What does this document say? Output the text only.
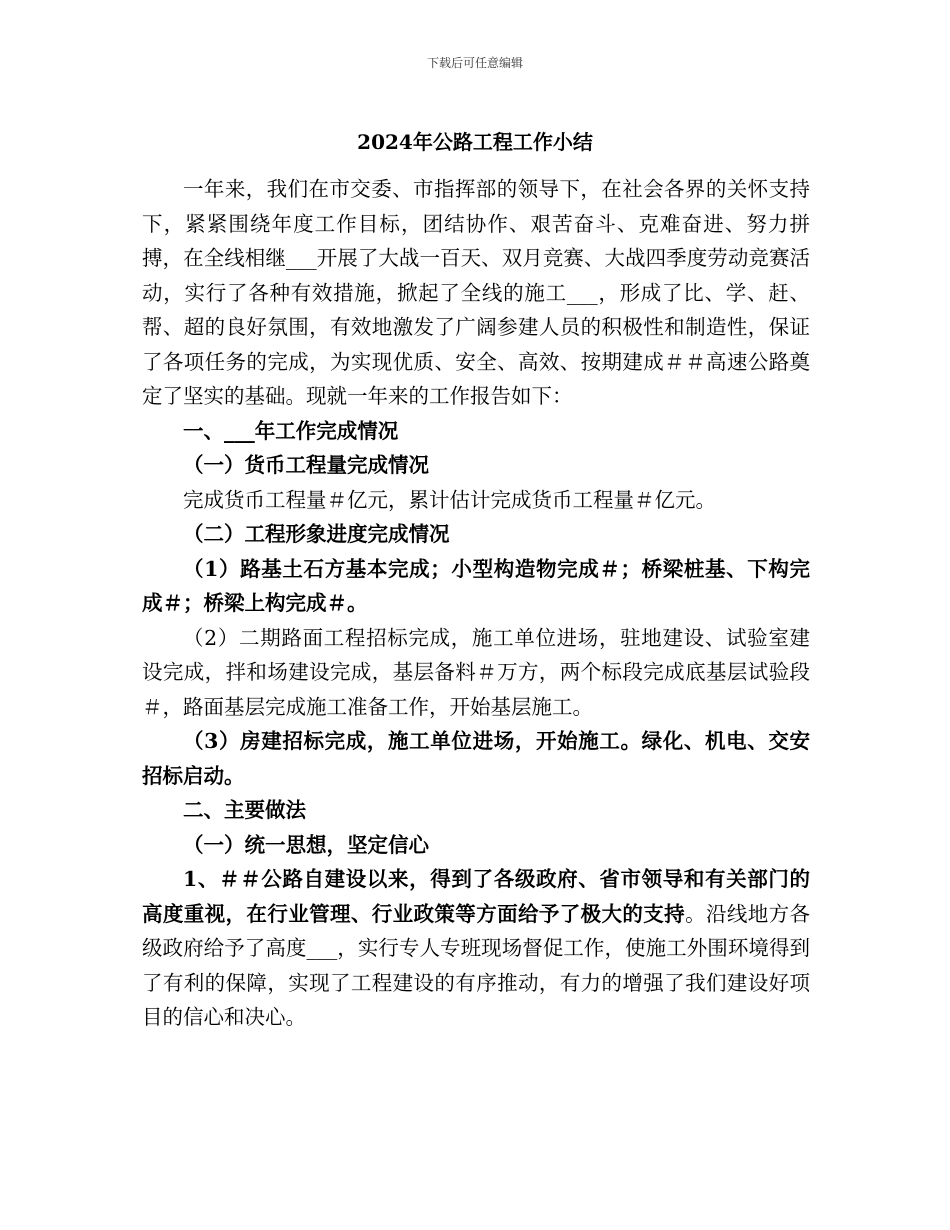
下载后可任意编辑
2024年公路工程工作小结

一年来，我们在市交委、市指挥部的领导下，在社会各界的关怀支持下，紧紧围绕年度工作目标，团结协作、艰苦奋斗、克难奋进、努力拼搏，在全线相继___开展了大战一百天、双月竞赛、大战四季度劳动竞赛活动，实行了各种有效措施，掀起了全线的施工___，形成了比、学、赶、帮、超的良好氛围，有效地激发了广阔参建人员的积极性和制造性，保证了各项任务的完成，为实现优质、安全、高效、按期建成＃＃高速公路奠定了坚实的基础。现就一年来的工作报告如下：

一、___年工作完成情况

（一）货币工程量完成情况

完成货币工程量＃亿元，累计估计完成货币工程量＃亿元。

（二）工程形象进度完成情况

（1）路基土石方基本完成；小型构造物完成＃；桥梁桩基、下构完成＃；桥梁上构完成＃。

（2）二期路面工程招标完成，施工单位进场，驻地建设、试验室建设完成，拌和场建设完成，基层备料＃万方，两个标段完成底基层试验段＃，路面基层完成施工准备工作，开始基层施工。

（3）房建招标完成，施工单位进场，开始施工。绿化、机电、交安招标启动。

二、主要做法

（一）统一思想，坚定信心

1、＃＃公路自建设以来，得到了各级政府、省市领导和有关部门的高度重视，在行业管理、行业政策等方面给予了极大的支持。沿线地方各级政府给予了高度___，实行专人专班现场督促工作，使施工外围环境得到了有利的保障，实现了工程建设的有序推动，有力的增强了我们建设好项目的信心和决心。
